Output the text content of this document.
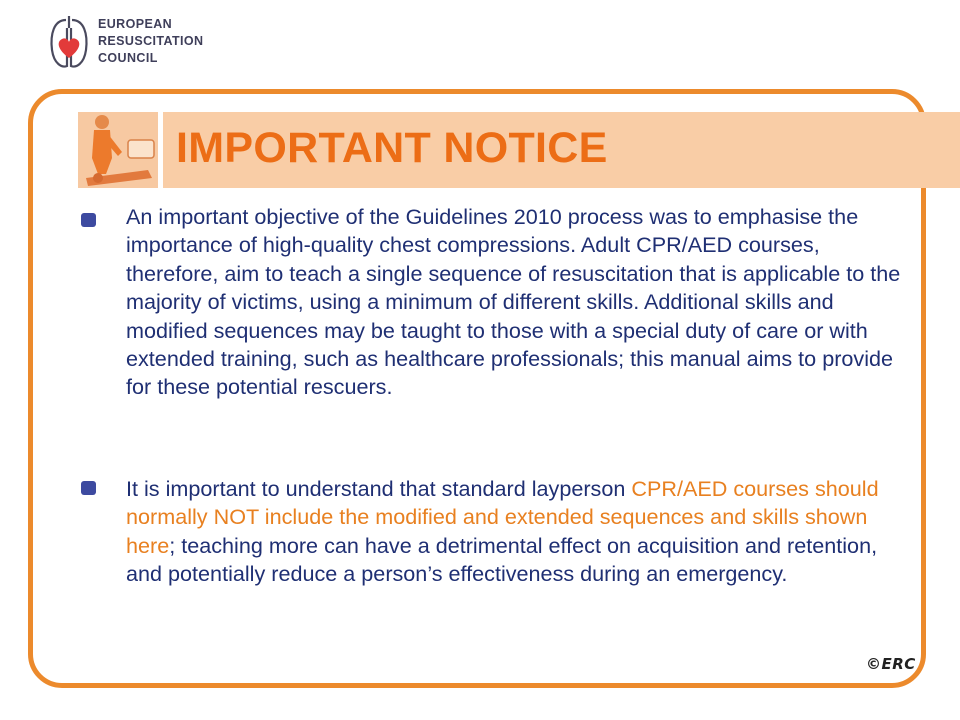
EUROPEAN
RESUSCITATION
COUNCIL
IMPORTANT NOTICE
An important objective of the Guidelines 2010 process was to emphasise the importance of high-quality chest compressions. Adult CPR/AED courses, therefore, aim to teach a single sequence of resuscitation that is applicable to the majority of victims, using a minimum of different skills. Additional skills and modified sequences may be taught to those with a special duty of care or with extended training, such as healthcare professionals; this manual aims to provide for these potential rescuers.
It is important to understand that standard layperson CPR/AED courses should normally NOT include the modified and extended sequences and skills shown here; teaching more can have a detrimental effect on acquisition and retention, and potentially reduce a person’s effectiveness during an emergency.
©ERC
